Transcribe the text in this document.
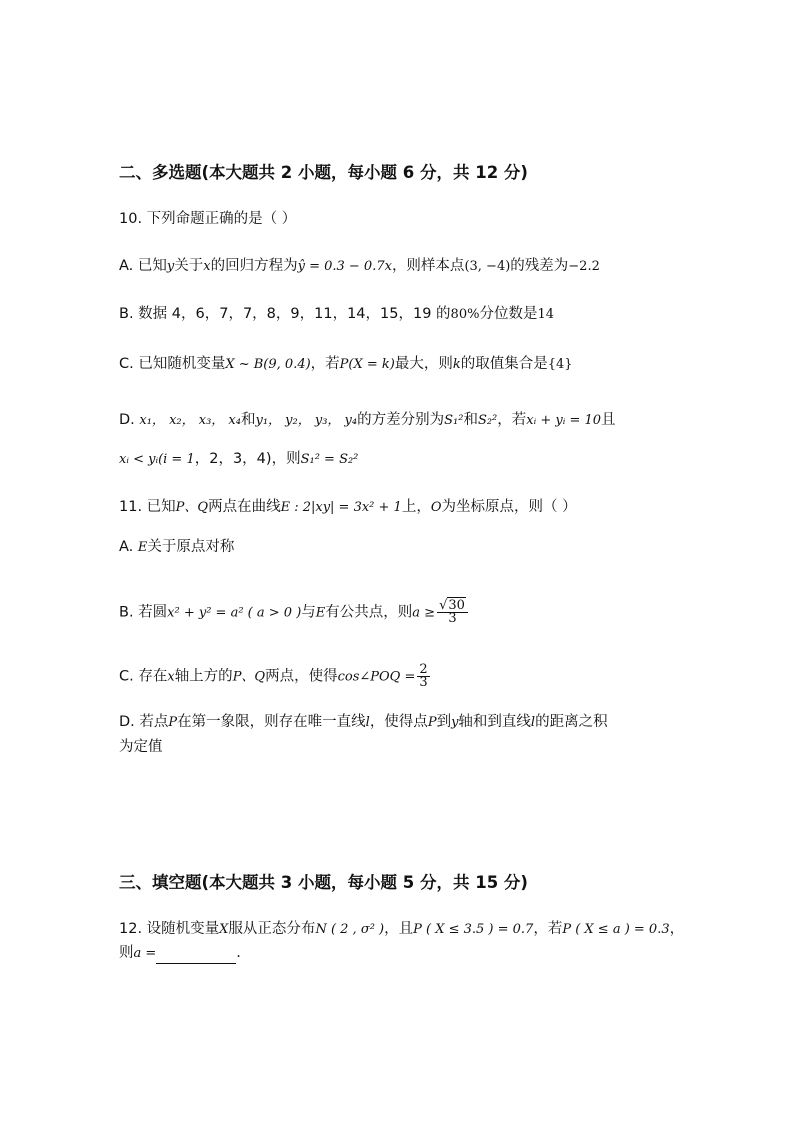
二、多选题(本大题共 2 小题，每小题 6 分，共 12 分)
10. 下列命题正确的是（ ）
A. 已知y关于x的回归方程为ŷ = 0.3 − 0.7x，则样本点(3, −4)的残差为−2.2
B. 数据 4，6，7，7，8，9，11，14，15，19 的80%分位数是14
C. 已知随机变量X ~ B(9, 0.4)，若P(X = k)最大，则k的取值集合是{4}
D. x₁， x₂， x₃， x₄和y₁， y₂， y₃， y₄的方差分别为S₁²和S₂²，若xᵢ + yᵢ = 10且
xᵢ < yᵢ(i = 1，2，3，4)，则S₁² = S₂²
11. 已知P、Q两点在曲线E : 2|xy| = 3x² + 1上，O为坐标原点，则（ ）
A. E关于原点对称
B. 若圆x² + y² = a² ( a > 0 )与E有公共点，则$a \ge \frac{√30}{3}$
C. 存在x轴上方的P、Q两点，使得cos∠POQ = $\frac{2}{3}$
D. 若点P在第一象限，则存在唯一直线l，使得点P到y轴和到直线l的距离之积
为定值
三、填空题(本大题共 3 小题，每小题 5 分，共 15 分)
12. 设随机变量X服从正态分布N ( 2 , σ² )，且P ( X ≤ 3.5 ) = 0.7，若P ( X ≤ a ) = 0.3，
则a =	.
